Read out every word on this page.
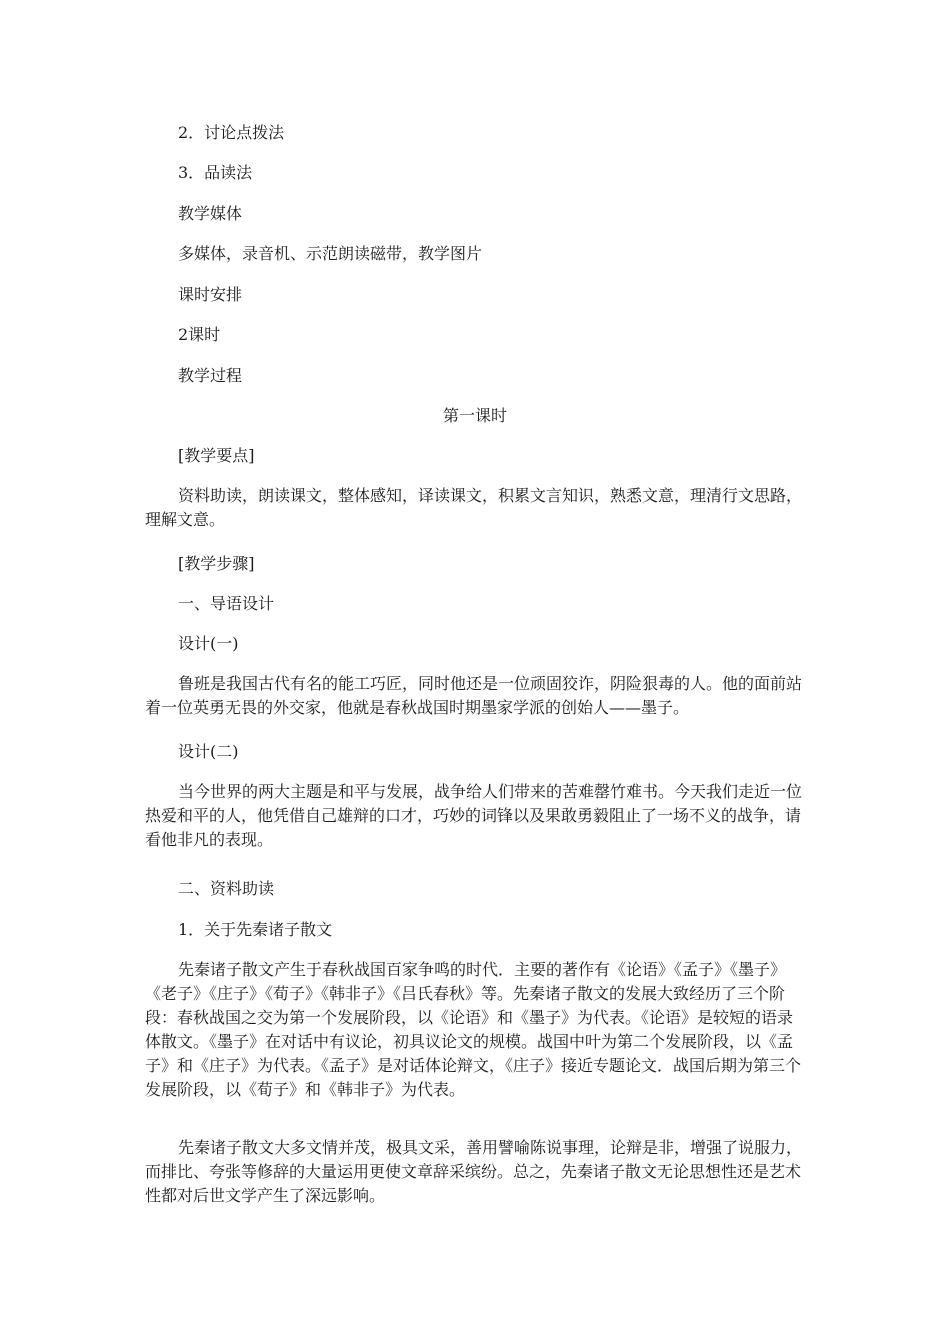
2．讨论点拨法

3．品读法

教学媒体

多媒体，录音机、示范朗读磁带，教学图片

课时安排

2课时

教学过程

第一课时

[教学要点]

资料助读，朗读课文，整体感知，译读课文，积累文言知识，熟悉文意，理清行文思路，理解文意。

[教学步骤]

一、导语设计

设计(一)

鲁班是我国古代有名的能工巧匠，同时他还是一位顽固狡诈，阴险狠毒的人。他的面前站着一位英勇无畏的外交家，他就是春秋战国时期墨家学派的创始人——墨子。

设计(二)

当今世界的两大主题是和平与发展，战争给人们带来的苦难罄竹难书。今天我们走近一位热爱和平的人，他凭借自己雄辩的口才，巧妙的词锋以及果敢勇毅阻止了一场不义的战争，请看他非凡的表现。

二、资料助读

1．关于先秦诸子散文

先秦诸子散文产生于春秋战国百家争鸣的时代．主要的著作有《论语》《孟子》《墨子》《老子》《庄子》《荀子》《韩非子》《吕氏春秋》等。先秦诸子散文的发展大致经历了三个阶段：春秋战国之交为第一个发展阶段，以《论语》和《墨子》为代表。《论语》是较短的语录体散文。《墨子》在对话中有议论，初具议论文的规模。战国中叶为第二个发展阶段，以《孟子》和《庄子》为代表。《孟子》是对话体论辩文，《庄子》接近专题论文．战国后期为第三个发展阶段，以《荀子》和《韩非子》为代表。

先秦诸子散文大多文情并茂，极具文采，善用譬喻陈说事理，论辩是非，增强了说服力，而排比、夸张等修辞的大量运用更使文章辞采缤纷。总之，先秦诸子散文无论思想性还是艺术性都对后世文学产生了深远影响。
